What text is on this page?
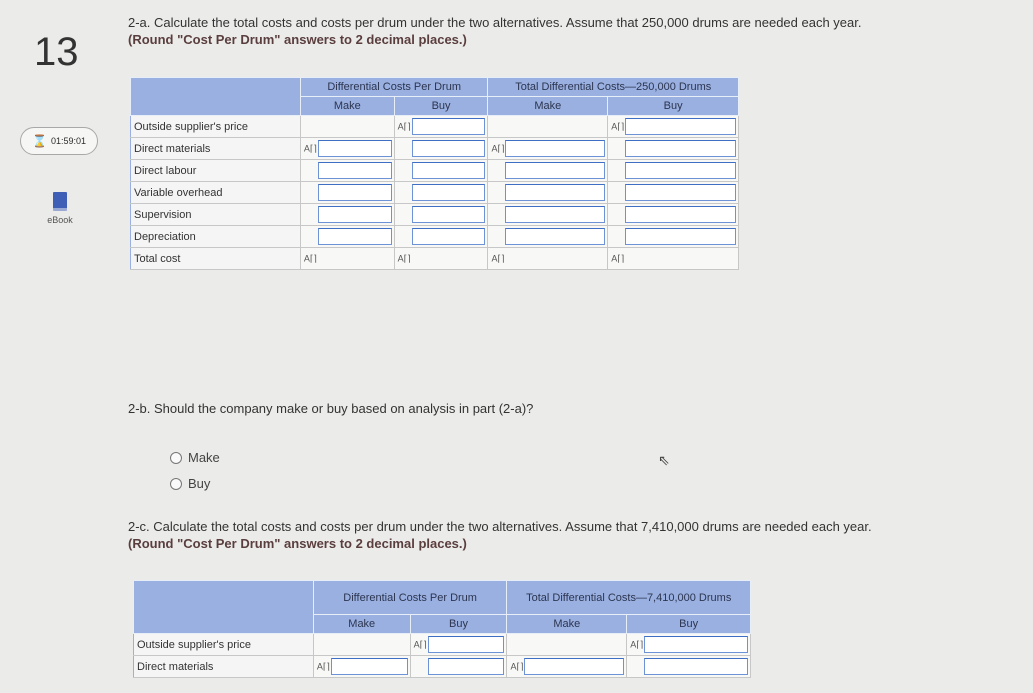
13
⌛ 01:59:01
eBook
2-a. Calculate the total costs and costs per drum under the two alternatives. Assume that 250,000 drums are needed each year.
(Round "Cost Per Drum" answers to 2 decimal places.)
	Differential Costs Per Drum		Total Differential Costs—250,000 Drums	
	Make	Buy	Make	Buy
Outside supplier's price		A⌈⌉		A⌈⌉

Direct materials	A⌈⌉		A⌈⌉	

Direct labour	

Variable overhead	

Supervision	

Depreciation	

Total cost	A⌈⌉	A⌈⌉	A⌈⌉	A⌈⌉
2-b. Should the company make or buy based on analysis in part (2-a)?
Make
Buy
⇖
2-c. Calculate the total costs and costs per drum under the two alternatives. Assume that 7,410,000 drums are needed each year.
(Round "Cost Per Drum" answers to 2 decimal places.)
	Differential Costs Per Drum		Total Differential Costs—7,410,000 Drums	
	Make	Buy	Make	Buy
Outside supplier's price		A⌈⌉		A⌈⌉

Direct materials	A⌈⌉		A⌈⌉	
